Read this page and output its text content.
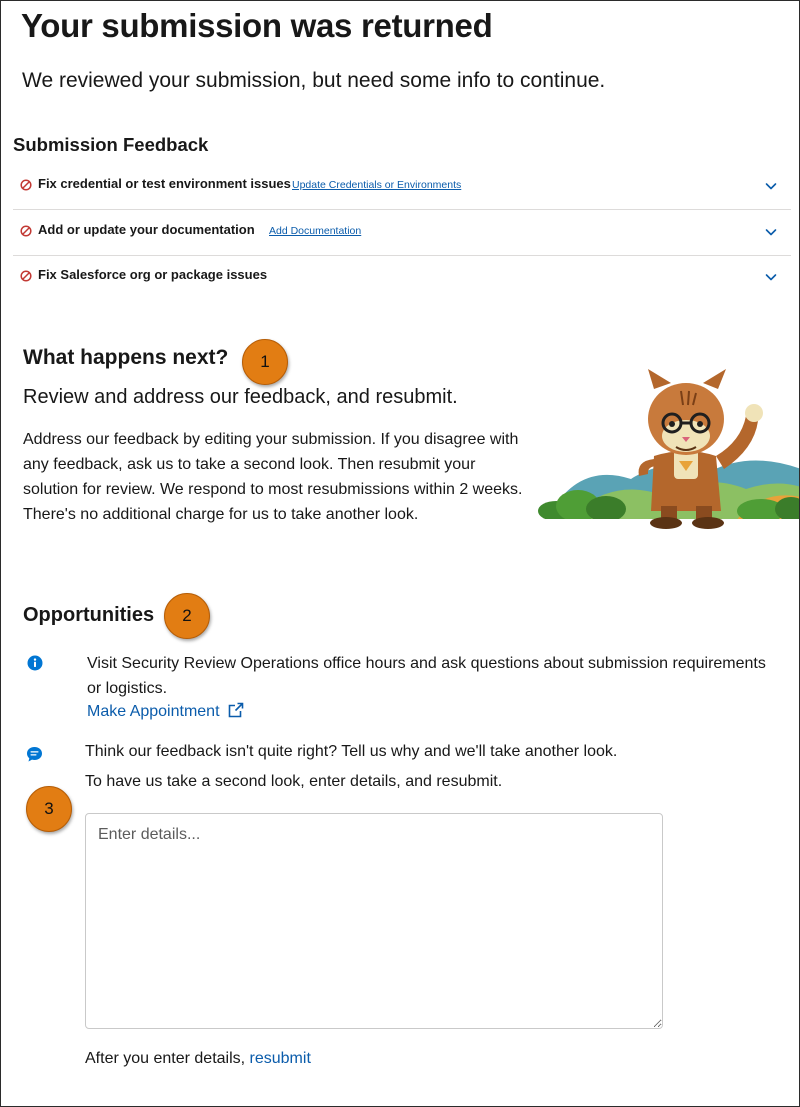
Your submission was returned
We reviewed your submission, but need some info to continue.
Submission Feedback
Fix credential or test environment issues Update Credentials or Environments
Add or update your documentation Add Documentation
Fix Salesforce org or package issues
What happens next?	1
Review and address our feedback, and resubmit.
Address our feedback by editing your submission. If you disagree with any feedback, ask us to take a second look. Then resubmit your solution for review. We respond to most resubmissions within 2 weeks. There's no additional charge for us to take another look.
Opportunities	2
Visit Security Review Operations office hours and ask questions about submission requirements or logistics.
Make Appointment
Think our feedback isn't quite right? Tell us why and we'll take another look.
To have us take a second look, enter details, and resubmit.
3
Enter details...
After you enter details, resubmit
